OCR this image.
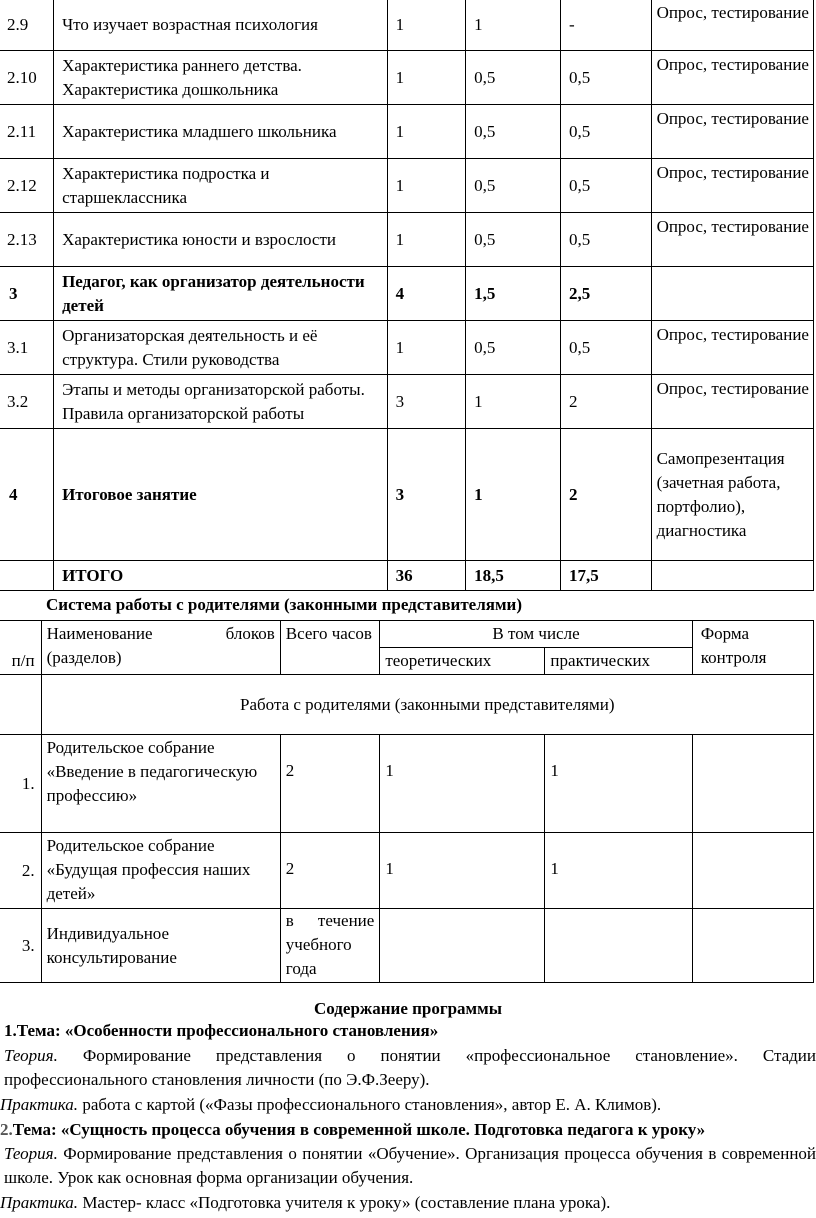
2.9	Что изучает возрастная психология	1	1	-	Опрос, тестирование
2.10	Характеристика раннего детства. Характеристика дошкольника	1	0,5	0,5	Опрос, тестирование
2.11	Характеристика младшего школьника	1	0,5	0,5	Опрос, тестирование
2.12	Характеристика подростка и старшеклассника	1	0,5	0,5	Опрос, тестирование
2.13	Характеристика юности и взрослости	1	0,5	0,5	Опрос, тестирование
3	Педагог, как организатор деятельности детей	4	1,5	2,5	
3.1	Организаторская деятельность и её структура. Стили руководства	1	0,5	0,5	Опрос, тестирование
3.2	Этапы и методы организаторской работы. Правила организаторской работы	3	1	2	Опрос, тестирование
4	Итоговое занятие	3	1	2	Самопрезентация (зачетная работа, портфолио), диагностика
	ИТОГО	36	18,5	17,5	
Система работы с родителями (законными представителями)
п/п	Наименование блоков (разделов)	Всего часов	В том числе		Форма контроля
			теоретических	практических	
	Работа с родителями (законными представителями)				
1.	Родительское собрание «Введение в педагогическую профессию»	2	1	1	
2.	Родительское собрание «Будущая профессия наших детей»	2	1	1	
3.	Индивидуальное консультирование	в течение учебного года			
Содержание программы
1.Тема: «Особенности профессионального становления»
Теория. Формирование представления о понятии «профессиональное становление». Стадии профессионального становления личности (по Э.Ф.Зееру).
Практика. работа с картой («Фазы профессионального становления», автор Е. А. Климов).
2.Тема: «Сущность процесса обучения в современной школе. Подготовка педагога к уроку»
Теория. Формирование представления о понятии «Обучение». Организация процесса обучения в современной школе. Урок как основная форма организации обучения.
Практика. Мастер- класс «Подготовка учителя к уроку» (составление плана урока).
